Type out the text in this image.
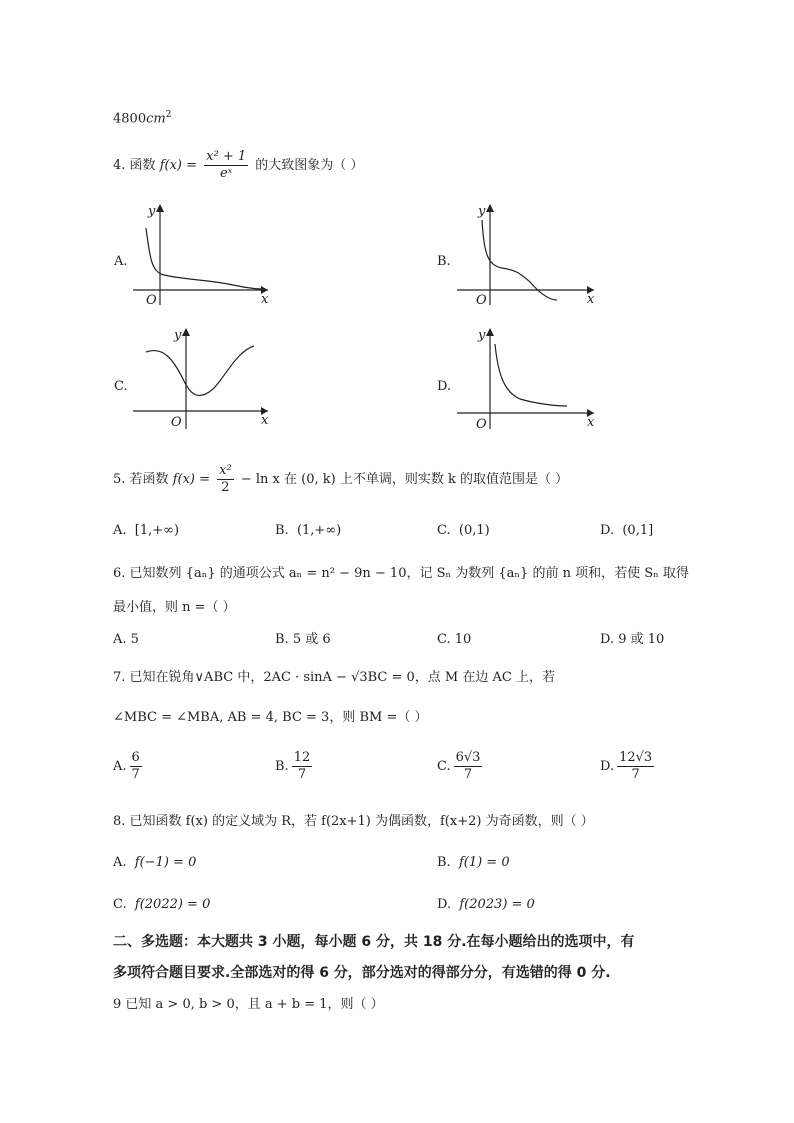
$4800cm^2$
4. 函数 $f(x) = \frac{\text{x² + 1}}{\text{eˣ}}$ 的大致图象为（ ）
A.
y
x
O
B.
y
x
O
C.
y
x
O
D.
y
x
O
5. 若函数 $f(x) = \frac{\text{x²}}{2} - \ln x$ 在 (0, k) 上不单调，则实数 k 的取值范围是（ ）
A. [1,+∞)	B. (1,+∞)	C. (0,1)	D. (0,1]
6. 已知数列 {aₙ} 的通项公式 aₙ = n² − 9n − 10，记 Sₙ 为数列 {aₙ} 的前 n 项和，若使 Sₙ 取得
最小值，则 n =（ ）
A. 5	B. 5 或 6	C. 10	D. 9 或 10
7. 已知在锐角∨ABC 中，2AC · sinA − √3BC = 0，点 M 在边 AC 上，若
∠MBC = ∠MBA, AB = 4, BC = 3，则 BM =（ ）
A. $\frac{6}{7}$	B. $\frac{12}{7}$	C. $\frac{6√3}{7}$	D. $\frac{12√3}{7}$
8. 已知函数 f(x) 的定义域为 R，若 f(2x+1) 为偶函数，f(x+2) 为奇函数，则（ ）
A. f(−1) = 0	B. f(1) = 0
C. f(2022) = 0	D. f(2023) = 0
二、多选题：本大题共 3 小题，每小题 6 分，共 18 分.在每小题给出的选项中，有
多项符合题目要求.全部选对的得 6 分，部分选对的得部分分，有选错的得 0 分.
9 已知 a > 0, b > 0，且 a + b = 1，则（ ）
